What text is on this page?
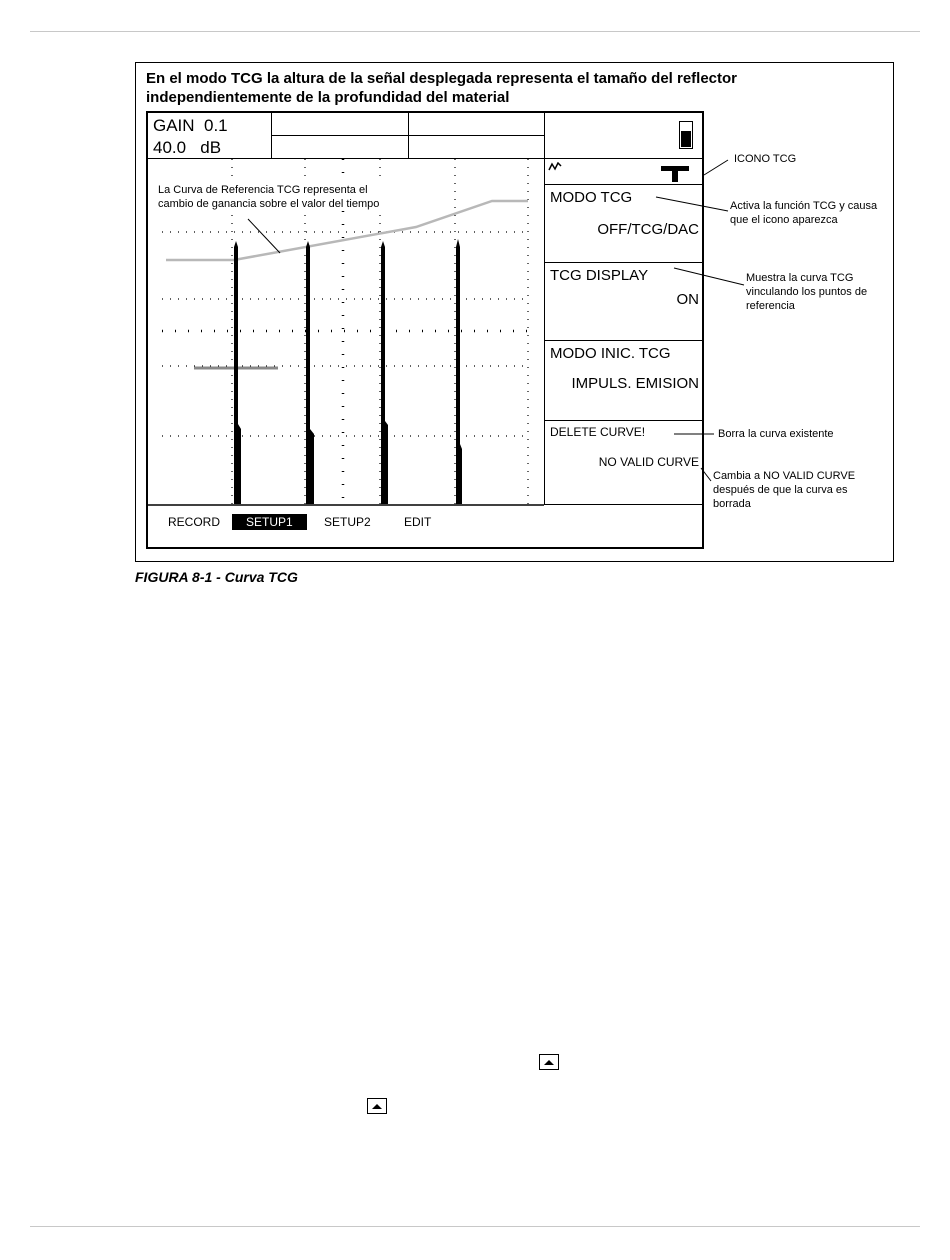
En el modo TCG la altura de la señal desplegada representa el tamaño del reflector independientemente de la profundidad del material
GAIN  0.1
40.0   dB
La Curva de Referencia TCG representa el cambio de ganancia sobre el valor del tiempo	MODO TCG
OFF/TCG/DAC
TCG DISPLAY
ON
MODO INIC. TCG
IMPULS. EMISION
DELETE CURVE!
NO VALID CURVE
RECORD	SETUP1	SETUP2	EDIT
ICONO TCG
Activa la función TCG y causa que el icono aparezca
Muestra la curva TCG vinculando los puntos de referencia
Borra la curva existente
Cambia a NO VALID CURVE después de que la curva es borrada
FIGURA 8-1 - Curva TCG
